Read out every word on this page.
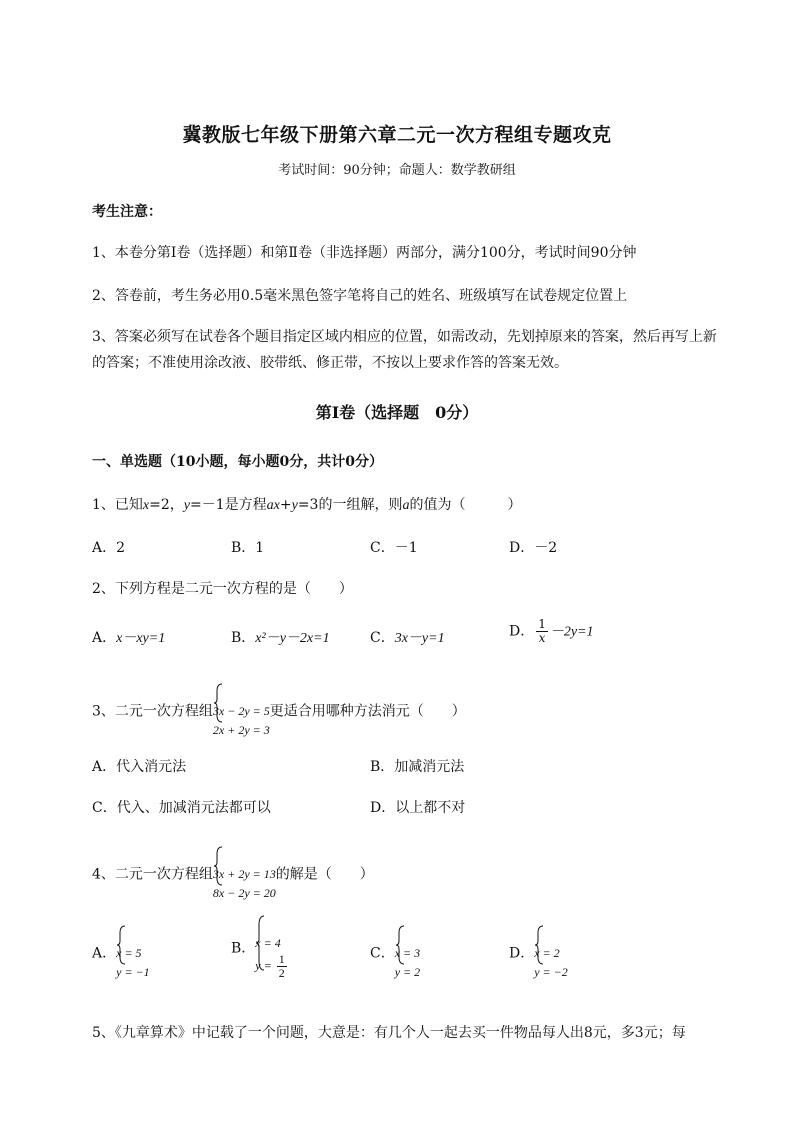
冀教版七年级下册第六章二元一次方程组专题攻克
考试时间：90分钟；命题人：数学教研组
考生注意：
1、本卷分第I卷（选择题）和第Ⅱ卷（非选择题）两部分，满分100分，考试时间90分钟
2、答卷前，考生务必用0.5毫米黑色签字笔将自己的姓名、班级填写在试卷规定位置上
3、答案必须写在试卷各个题目指定区域内相应的位置，如需改动，先划掉原来的答案，然后再写上新
的答案；不准使用涂改液、胶带纸、修正带，不按以上要求作答的答案无效。
第I卷（选择题　0分）
一、单选题（10小题，每小题0分，共计0分）
1、已知x=2，y=－1是方程ax+y=3的一组解，则a的值为（　　　）
A．2	B．1	C．－1	D．－2
2、下列方程是二元一次方程的是（　　）
A．x－xy=1	B．x²－y－2x=1	C．3x－y=1	D． $\frac{1}{x} -2y=1$
3、二元一次方程组 3x − 2y = 5
2x + 2y = 3
更适合用哪种方法消元（　　）
A．代入消元法	B．加减消元法
C．代入、加减消元法都可以	D．以上都不对
4、二元一次方程组 3x + 2y = 13
8x − 2y = 20
的解是（　　）
A． x = 5
y = −1
B． x = 4
$y = \frac{1}{2}$	C． x = 3
y = 2
D． x = 2
y = −2
5、《九章算术》中记载了一个问题，大意是：有几个人一起去买一件物品每人出8元，多3元；每
